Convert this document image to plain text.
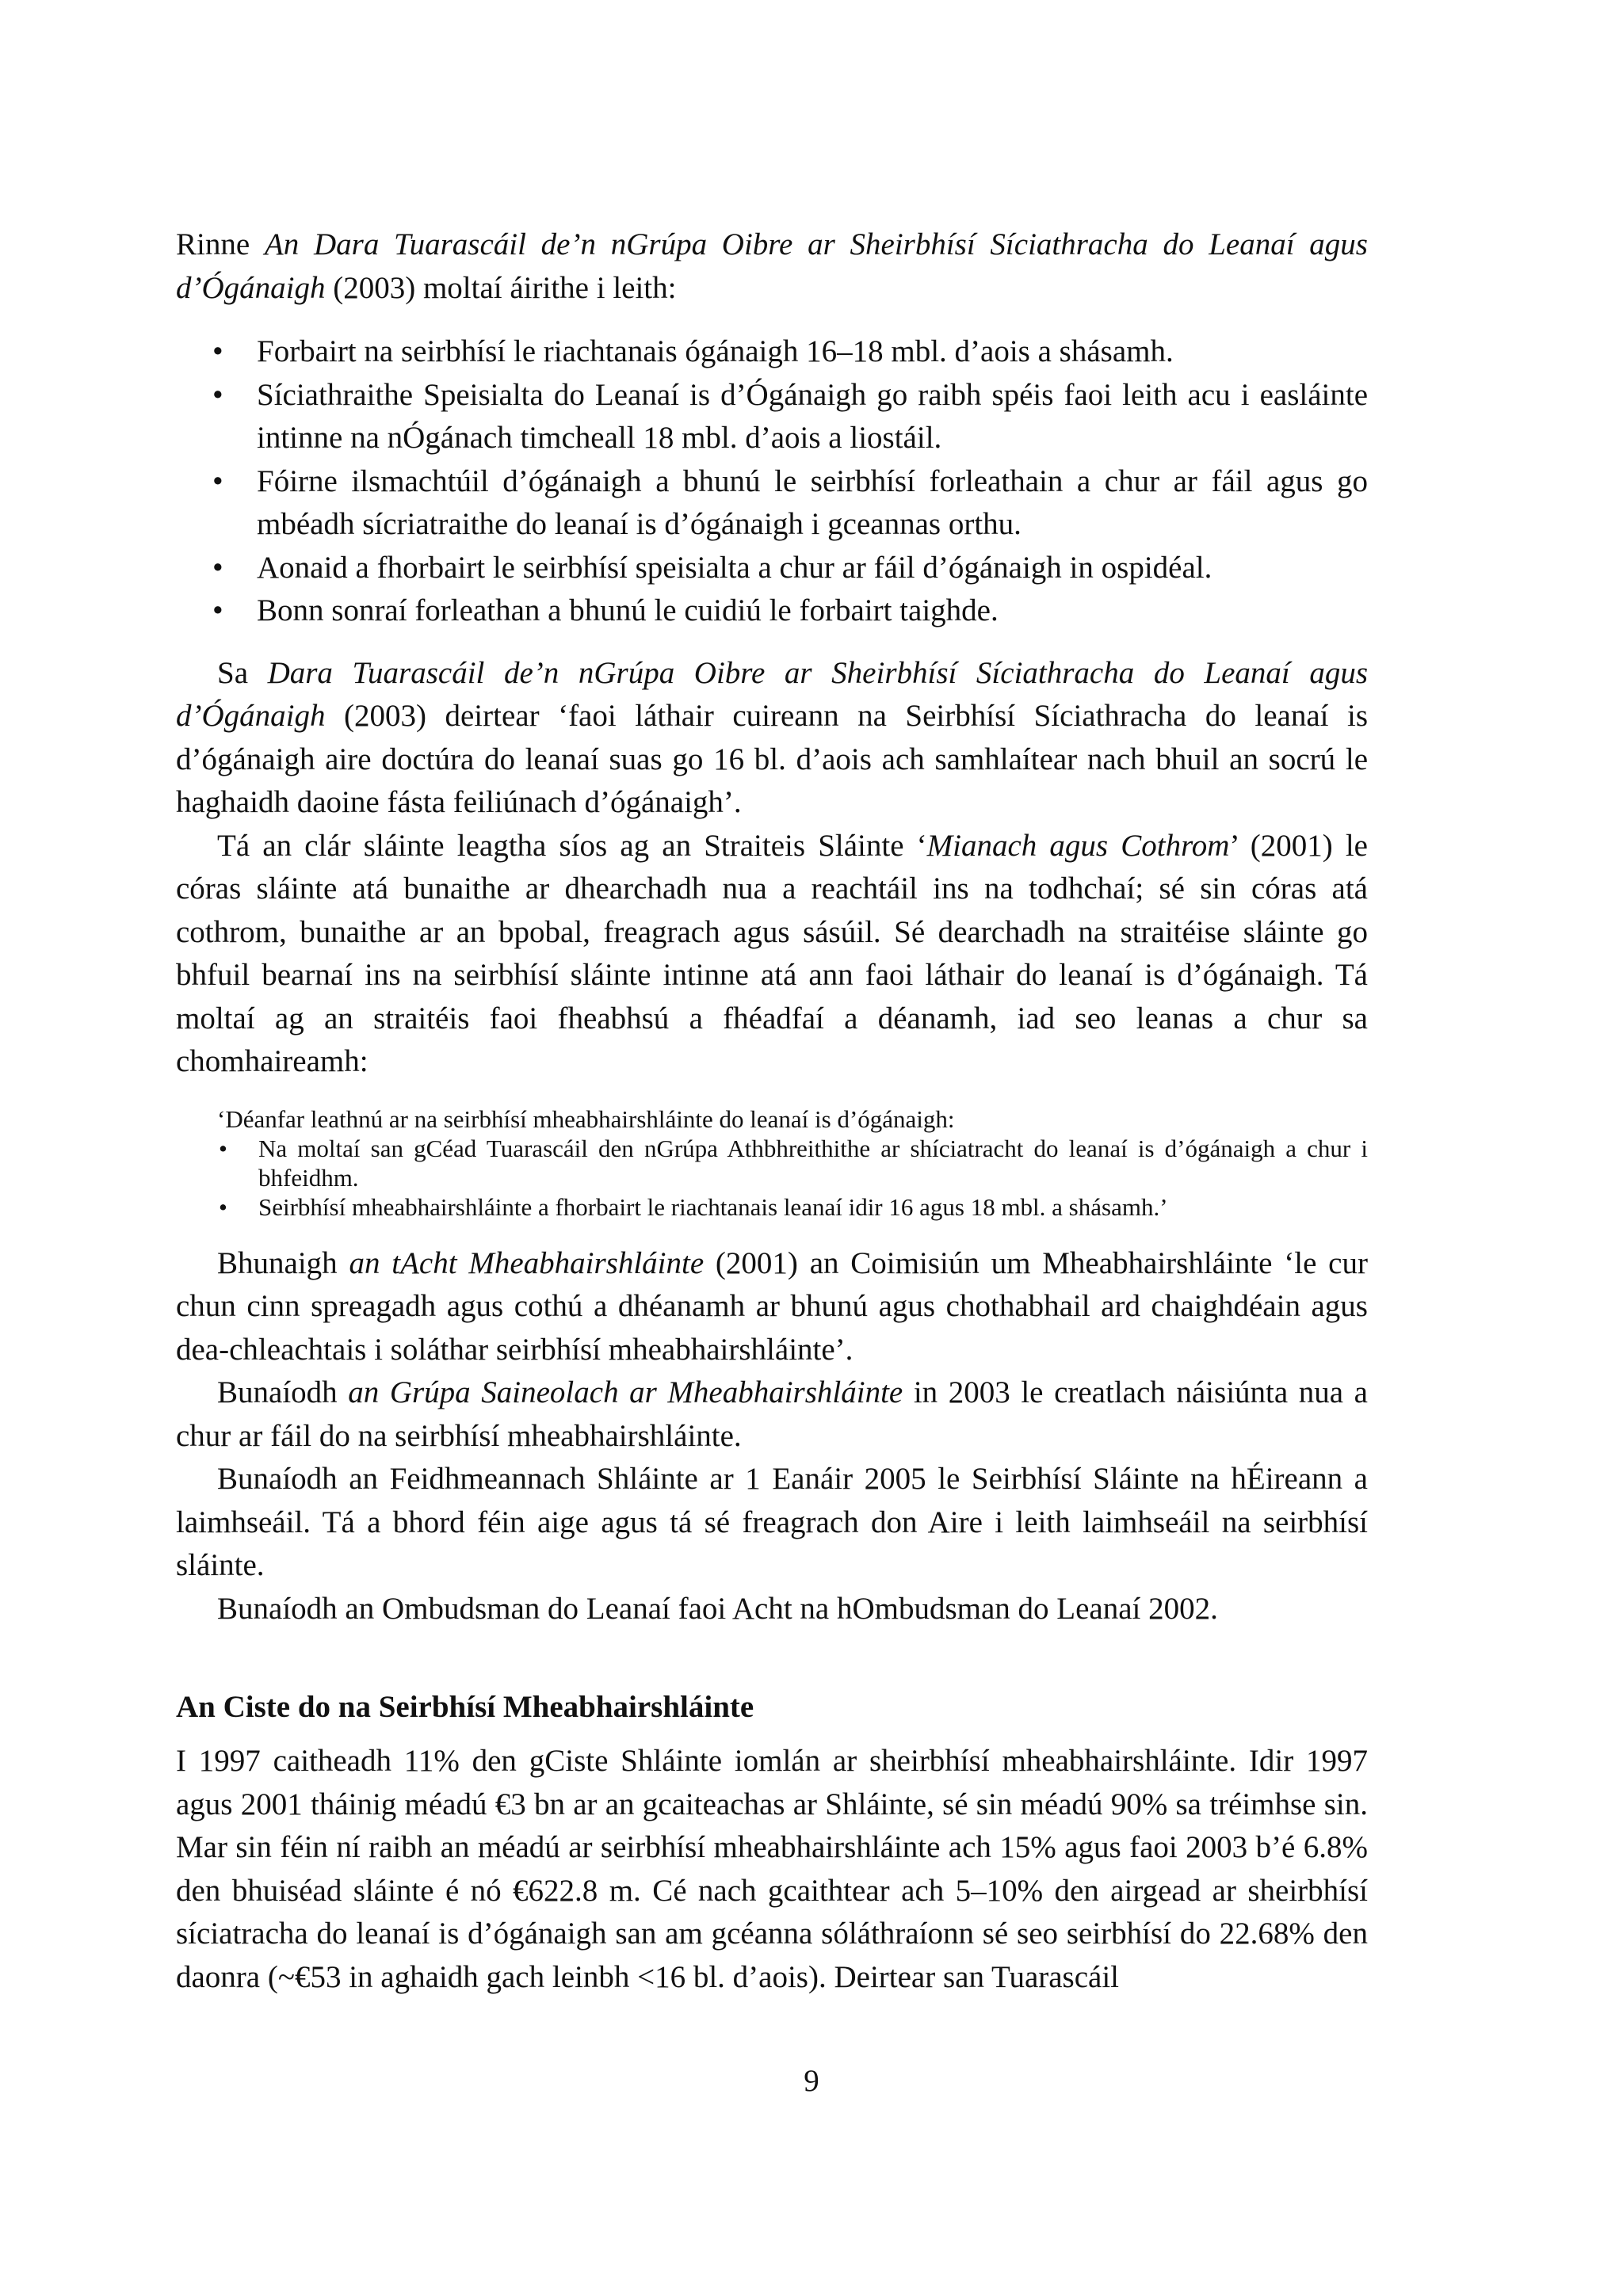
Rinne An Dara Tuarascáil de’n nGrúpa Oibre ar Sheirbhísí Síciathracha do Leanaí agus d’Ógánaigh (2003) moltaí áirithe i leith:

• Forbairt na seirbhísí le riachtanais ógánaigh 16–18 mbl. d’aois a shásamh.
• Síciathraithe Speisialta do Leanaí is d’Ógánaigh go raibh spéis faoi leith acu i easláinte intinne na nÓgánach timcheall 18 mbl. d’aois a liostáil.
• Fóirne ilsmachtúil d’ógánaigh a bhunú le seirbhísí forleathain a chur ar fáil agus go mbéadh sícriatraithe do leanaí is d’ógánaigh i gceannas orthu.
• Aonaid a fhorbairt le seirbhísí speisialta a chur ar fáil d’ógánaigh in ospidéal.
• Bonn sonraí forleathan a bhunú le cuidiú le forbairt taighde.

Sa Dara Tuarascáil de’n nGrúpa Oibre ar Sheirbhísí Síciathracha do Leanaí agus d’Ógánaigh (2003) deirtear ‘faoi láthair cuireann na Seirbhísí Síciathracha do leanaí is d’ógánaigh aire doctúra do leanaí suas go 16 bl. d’aois ach samhlaítear nach bhuil an socrú le haghaidh daoine fásta feiliúnach d’ógánaigh’.

Tá an clár sláinte leagtha síos ag an Straiteis Sláinte ‘Mianach agus Cothrom’ (2001) le córas sláinte atá bunaithe ar dhearchadh nua a reachtáil ins na todhchaí; sé sin córas atá cothrom, bunaithe ar an bpobal, freagrach agus sásúil. Sé dearchadh na straitéise sláinte go bhfuil bearnaí ins na seirbhísí sláinte intinne atá ann faoi láthair do leanaí is d’ógánaigh. Tá moltaí ag an straitéis faoi fheabhsú a fhéadfaí a déanamh, iad seo leanas a chur sa chomhaireamh:

‘Déanfar leathnú ar na seirbhísí mheabhairshláinte do leanaí is d’ógánaigh:

• Na moltaí san gCéad Tuarascáil den nGrúpa Athbhreithithe ar shíciatracht do leanaí is d’ógánaigh a chur i bhfeidhm.
• Seirbhísí mheabhairshláinte a fhorbairt le riachtanais leanaí idir 16 agus 18 mbl. a shásamh.’

Bhunaigh an tAcht Mheabhairshláinte (2001) an Coimisiún um Mheabhairshláinte ‘le cur chun cinn spreagadh agus cothú a dhéanamh ar bhunú agus chothabhail ard chaighdéain agus dea-chleachtais i soláthar seirbhísí mheabhairshláinte’.

Bunaíodh an Grúpa Saineolach ar Mheabhairshláinte in 2003 le creatlach náisiúnta nua a chur ar fáil do na seirbhísí mheabhairshláinte.

Bunaíodh an Feidhmeannach Shláinte ar 1 Eanáir 2005 le Seirbhísí Sláinte na hÉireann a laimhseáil. Tá a bhord féin aige agus tá sé freagrach don Aire i leith laimhseáil na seirbhísí sláinte.

Bunaíodh an Ombudsman do Leanaí faoi Acht na hOmbudsman do Leanaí 2002.

An Ciste do na Seirbhísí Mheabhairshláinte

I 1997 caitheadh 11% den gCiste Shláinte iomlán ar sheirbhísí mheabhairshláinte. Idir 1997 agus 2001 tháinig méadú €3 bn ar an gcaiteachas ar Shláinte, sé sin méadú 90% sa tréimhse sin. Mar sin féin ní raibh an méadú ar seirbhísí mheabhairshláinte ach 15% agus faoi 2003 b’é 6.8% den bhuiséad sláinte é nó €622.8 m. Cé nach gcaithtear ach 5–10% den airgead ar sheirbhísí síciatracha do leanaí is d’ógánaigh san am gcéanna sóláthraíonn sé seo seirbhísí do 22.68% den daonra (~€53 in aghaidh gach leinbh <16 bl. d’aois). Deirtear san Tuarascáil

9
